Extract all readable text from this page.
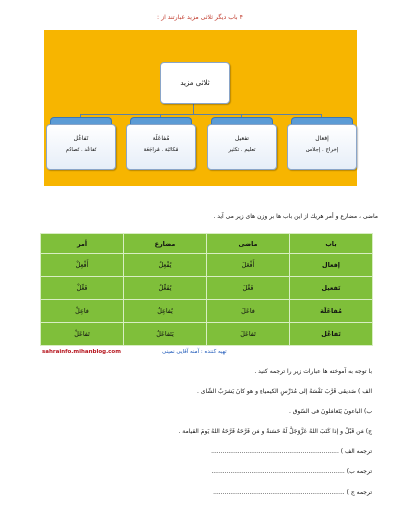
۴ باب دیگر ثلاثی مزید عبارتند از :
ثلاثی مزید
تَفاعُل
تَفاعُد . تَصادُم
مُفاعَلَة
مُکاتَبَة . مُراجَعَة
تفعیل
تعلیم . تکثیر
إفعال
إخراج . إجلاس
ماضی ، مضارع و أمر هریك از این باب ها بر وزن های زیر می آید .
باب	ماضی	مضارع	أمر
إفعال	أَفْعَلَ	یُفْعِلُ	أَفْعِلْ
تَفعیل	فَعَّلَ	یُفَعِّلُ	فَعِّلْ
مُفاعَلَة	فاعَلَ	یُفاعِلُ	فاعِلْ
تَفاعُل	تَفاعَلَ	یَتَفاعَلُ	تَفاعَلْ
تهیه کننده : آمنه آقایی نمینی
sahrainfo.mihanblog.com
با توجه به آموخته ها عبارات زیر را ترجمه کنید .
الف ) صَدیقی قَرَّبَ نَفْسَهُ إلی مُدَرِّسِ الکیمیاءِ و هو کانَ یَشرَبُ الشّای .
ب) الباعونَ یَتَعامَلونَ فی السّوق .
ج) مَن قَبْلُ و إذا کَتَبَ اللهُ عَزَّوَجَلَّ لَهُ حَسَنةً و مَن فَرَّحَهُ فَرَّحَهُ اللهُ یَومَ القیامة .
ترجمه الف ) ...................................................................
ترجمه ب) ......................................................................
ترجمه ج ) .....................................................................
